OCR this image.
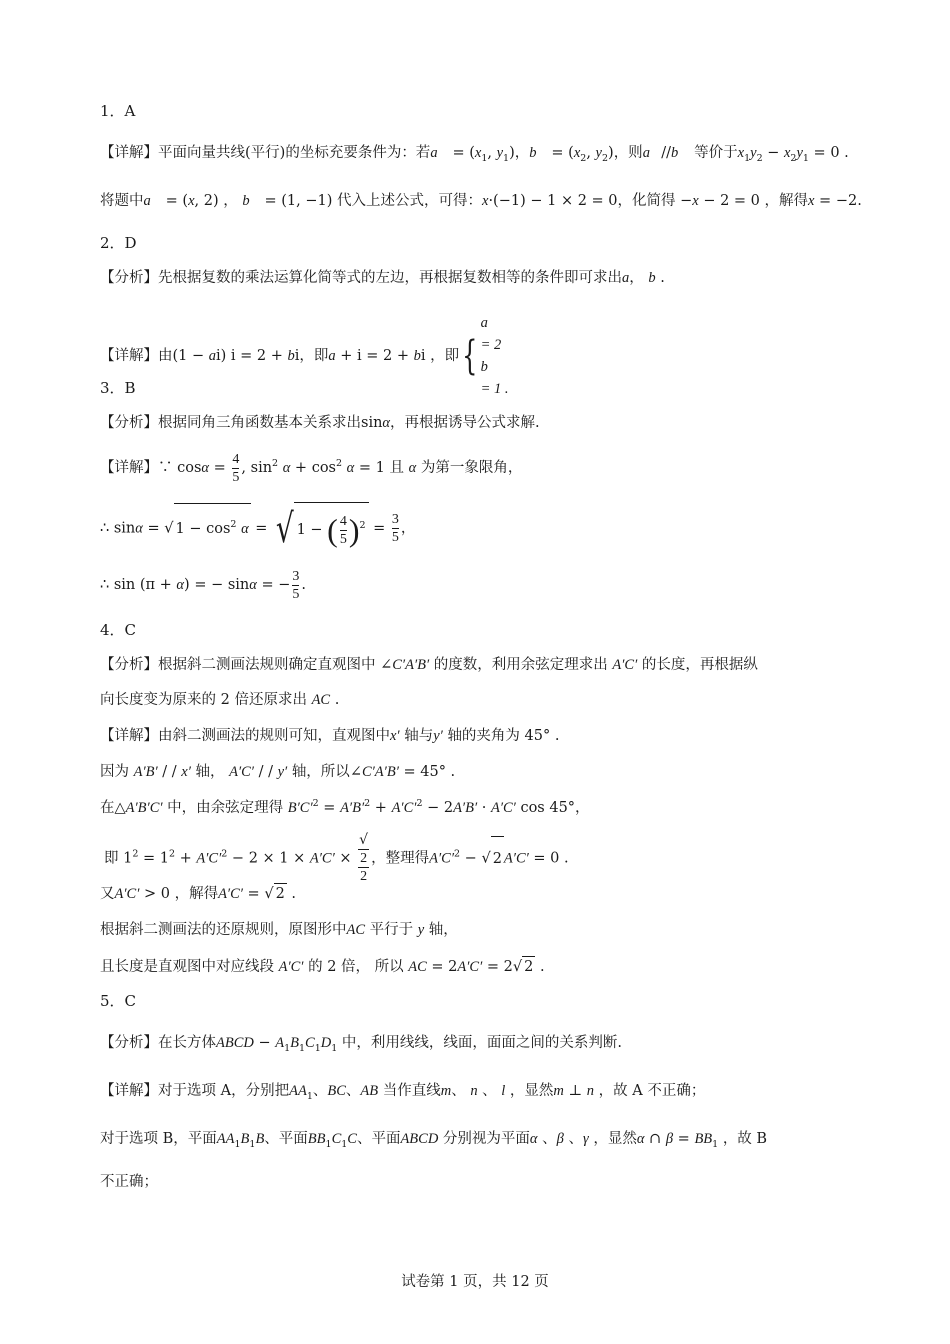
1．A
【详解】平面向量共线(平行)的坐标充要条件为：若a⃗ = ($x_1$, $y_1$)，b⃗ = ($x_2$, $y_2$)，则a⃗//b⃗ 等价于$x_1y_2 - x_2y_1 = 0$ .
将题中a⃗ = (x, 2) ， b⃗ = (1, −1) 代入上述公式，可得：x·(−1) − 1 × 2 = 0，化简得 −x − 2 = 0 ，解得x = −2.
2．D
【分析】先根据复数的乘法运算化简等式的左边，再根据复数相等的条件即可求出a， b .
【详解】由(1 − ai) i = 2 + bi，即a + i = 2 + bi ，即{
a
= 2
b
= 1 .
3．B
【分析】根据同角三角函数基本关系求出sinα，再根据诱导公式求解.
【详解】∵ $\cos\alpha = \frac{4}{5}$ , $\sin^2 \alpha + \cos^2 \alpha = 1$ 且 α 为第一象限角，
∴ sinα = √ $1 - \cos^2 \alpha$ = √ 1 − ( $\frac{4}{5} )^2 = \frac{3}{5}$ ，
∴ sin (π + α) = − sinα = − $\frac{3}{5}$ .
4．C
【分析】根据斜二测画法规则确定直观图中 ∠C′A′B′ 的度数，利用余弦定理求出 A′C′ 的长度，再根据纵
向长度变为原来的 2 倍还原求出 AC .
【详解】由斜二测画法的规则可知，直观图中x′ 轴与y′ 轴的夹角为 45° .
因为 A′B′ / / x′ 轴， A′C′ / / y′ 轴，所以∠C′A′B′ = 45° .
在△A′B′C′ 中，由余弦定理得 $B'C'^2 = A'B'^2 + A'C'^2 - 2A'B' \cdot A'C'$ cos 45°，
即 $1^2 = 1^2 + A'C'^2 - 2 \times 1 \times A'C'$ × √
2
2 ，整理得$A'C'^2$ − √ 2 A′C′ = 0 .
又A′C′ > 0 ，解得A′C′ = √ 2 .
根据斜二测画法的还原规则，原图形中AC 平行于 y 轴，
且长度是直观图中对应线段 A′C′ 的 2 倍， 所以 AC = 2A′C′ = 2√ 2 .
5．C
【分析】在长方体ABCD − $A_1B_1C_1D_1$ 中，利用线线，线面，面面之间的关系判断.
【详解】对于选项 A，分别把$AA_1$、BC、AB 当作直线m、 n 、 l ，显然m ⊥ n ，故 A 不正确；
对于选项 B，平面$AA_1B_1B$、平面$BB_1C_1C$、平面ABCD 分别视为平面α 、β 、γ ，显然α ∩ $\beta = BB_1$ ，故 B
不正确；
试卷第 1 页，共 12 页
